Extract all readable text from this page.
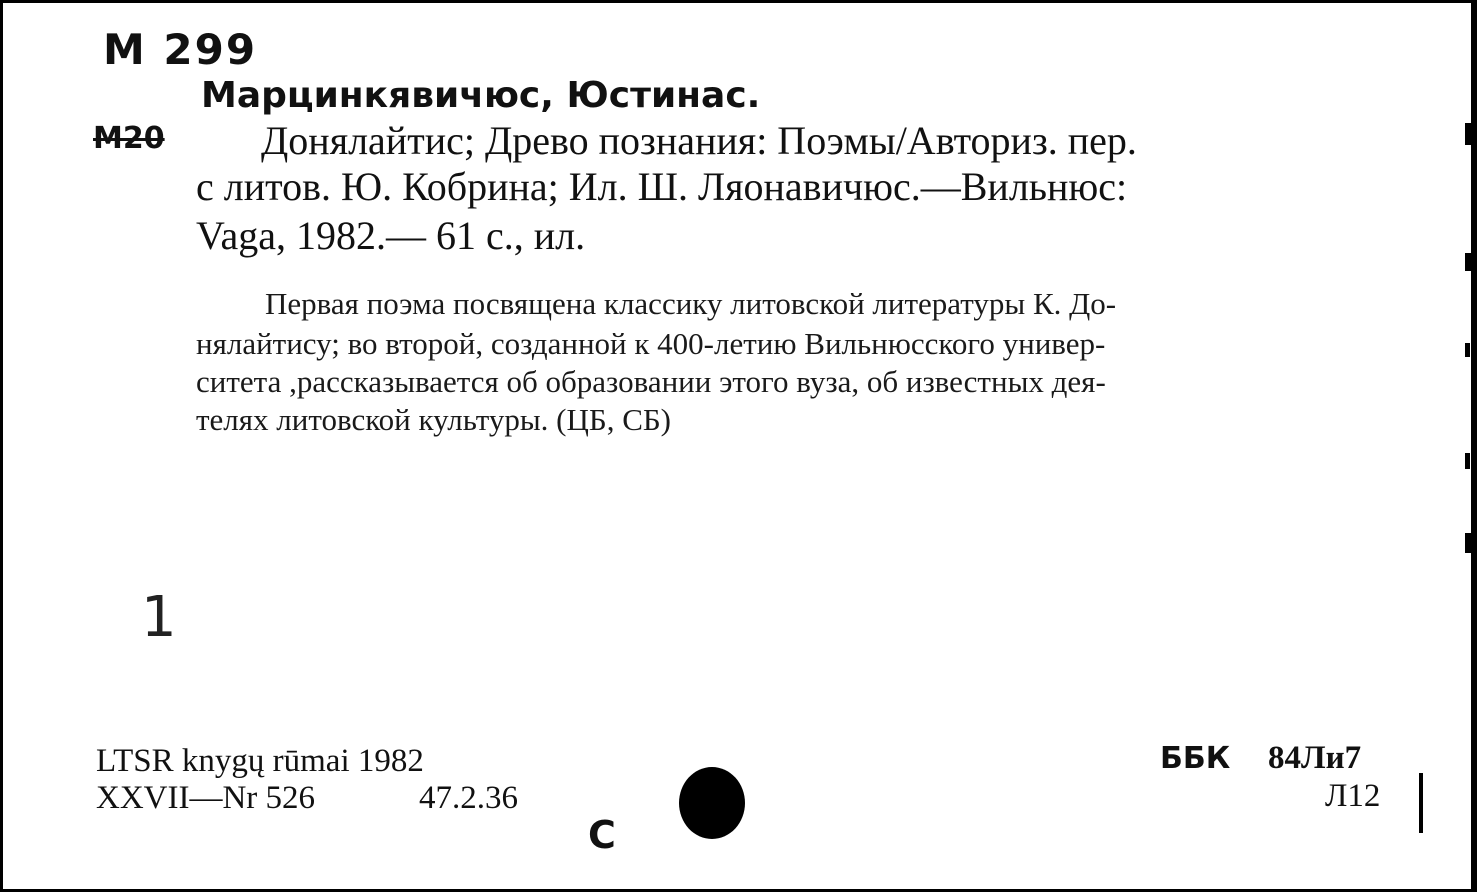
М 299
Марцинкявичюс, Юстинас.
М20 Донялайтис; Древо познания: Поэмы/Авториз. пер.
с литов. Ю. Кобрина; Ил. Ш. Ляонавичюс.—Вильнюс:
Vaga, 1982.— 61 с., ил.
Первая поэма посвящена классику литовской литературы К. До-
нялайтису; во второй, созданной к 400-летию Вильнюсского универ-
ситета ,рассказывается об образовании этого вуза, об известных дея-
телях литовской культуры. (ЦБ, СБ)
1
LTSR knygų rūmai 1982
XXVII—Nr 526	47.2.36
С
ББК 84Ли7
Л12
